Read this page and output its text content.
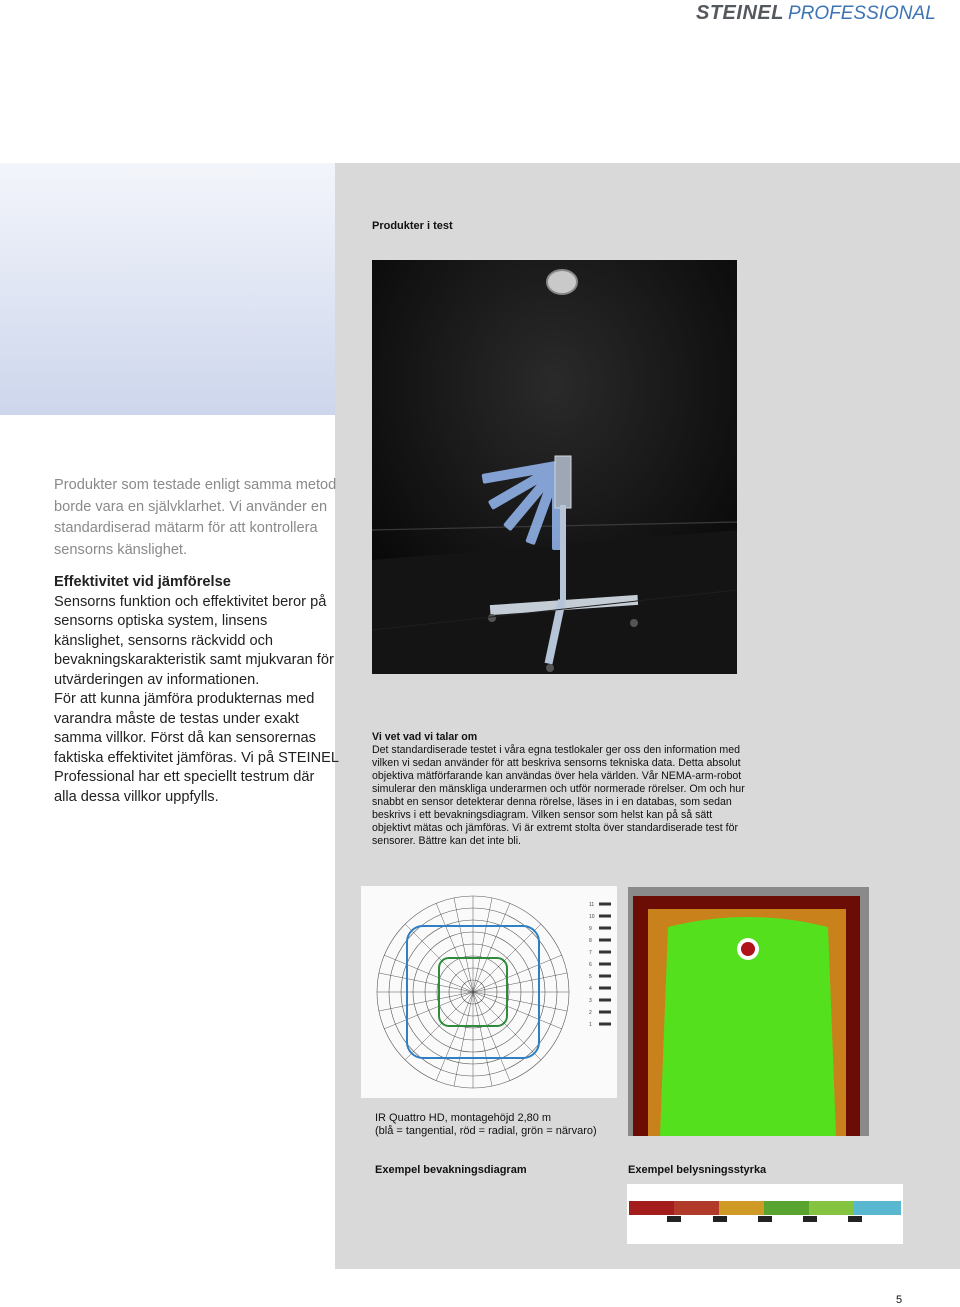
STEINEL PROFESSIONAL

Produkter som testade enligt samma metod borde vara en självklarhet. Vi använder en standardiserad mätarm för att kontrollera sensorns känslighet.

Effektivitet vid jämförelse
Sensorns funktion och effektivitet beror på sensorns optiska system, linsens känslighet, sensorns räckvidd och bevakningskarakteristik samt mjukvaran för utvärderingen av informationen.
För att kunna jämföra produkternas med varandra måste de testas under exakt samma villkor. Först då kan sensorernas faktiska effektivitet jämföras. Vi på STEINEL Professional har ett speciellt testrum där alla dessa villkor uppfylls.
Produkter i test
Vi vet vad vi talar om
Det standardiserade testet i våra egna testlokaler ger oss den information med vilken vi sedan använder för att beskriva sensorns tekniska data. Detta absolut objektiva mätförfarande kan användas över hela världen. Vår NEMA-arm-robot simulerar den mänskliga underarmen och utför normerade rörelser. Om och hur snabbt en sensor detekterar denna rörelse, läses in i en databas, som sedan beskrivs i ett bevakningsdiagram. Vilken sensor som helst kan på så sätt objektivt mätas och jämföras. Vi är extremt stolta över standardiserade test för sensorer. Bättre kan det inte bli.
11
10
9
8
7
6
5
4
3
2
1
IR Quattro HD, montagehöjd 2,80 m
(blå = tangential, röd = radial, grön = närvaro)
Exempel bevakningsdiagram	Exempel belysningsstyrka
5
